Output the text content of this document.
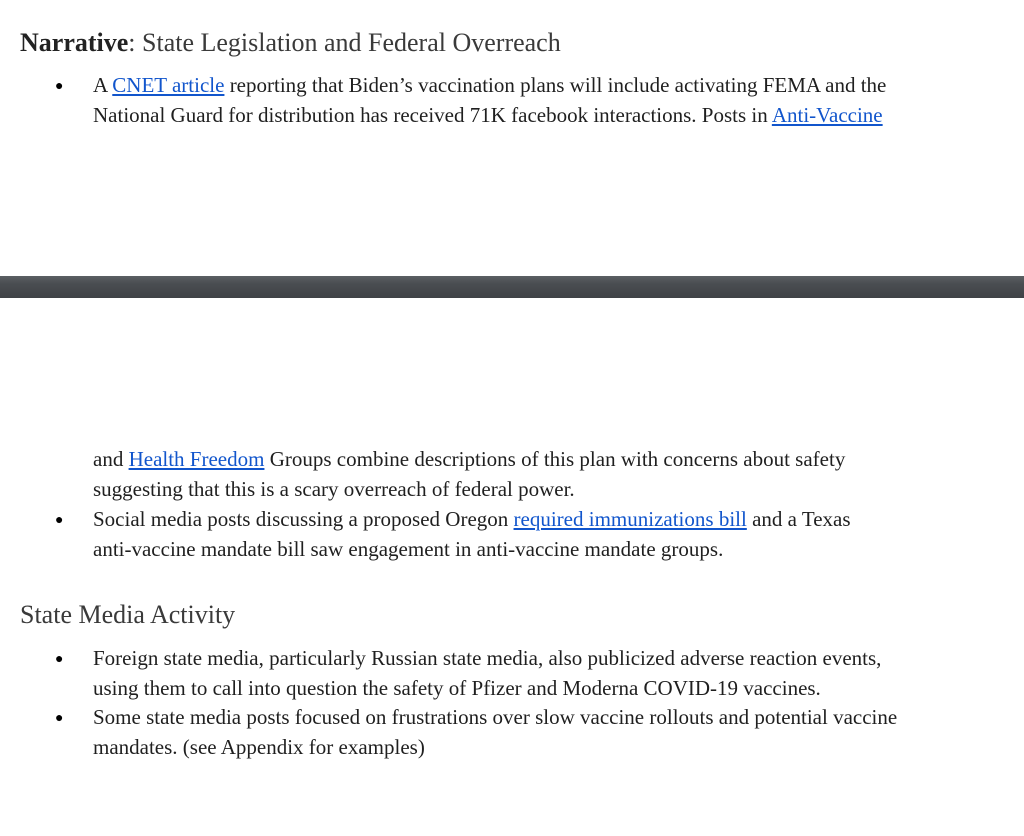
Narrative: State Legislation and Federal Overreach
● A CNET article reporting that Biden’s vaccination plans will include activating FEMA and the
National Guard for distribution has received 71K facebook interactions. Posts in Anti-Vaccine
and Health Freedom Groups combine descriptions of this plan with concerns about safety
suggesting that this is a scary overreach of federal power.
● Social media posts discussing a proposed Oregon required immunizations bill and a Texas
anti-vaccine mandate bill saw engagement in anti-vaccine mandate groups.
State Media Activity
● Foreign state media, particularly Russian state media, also publicized adverse reaction events,
using them to call into question the safety of Pfizer and Moderna COVID-19 vaccines.
● Some state media posts focused on frustrations over slow vaccine rollouts and potential vaccine
mandates. (see Appendix for examples)
